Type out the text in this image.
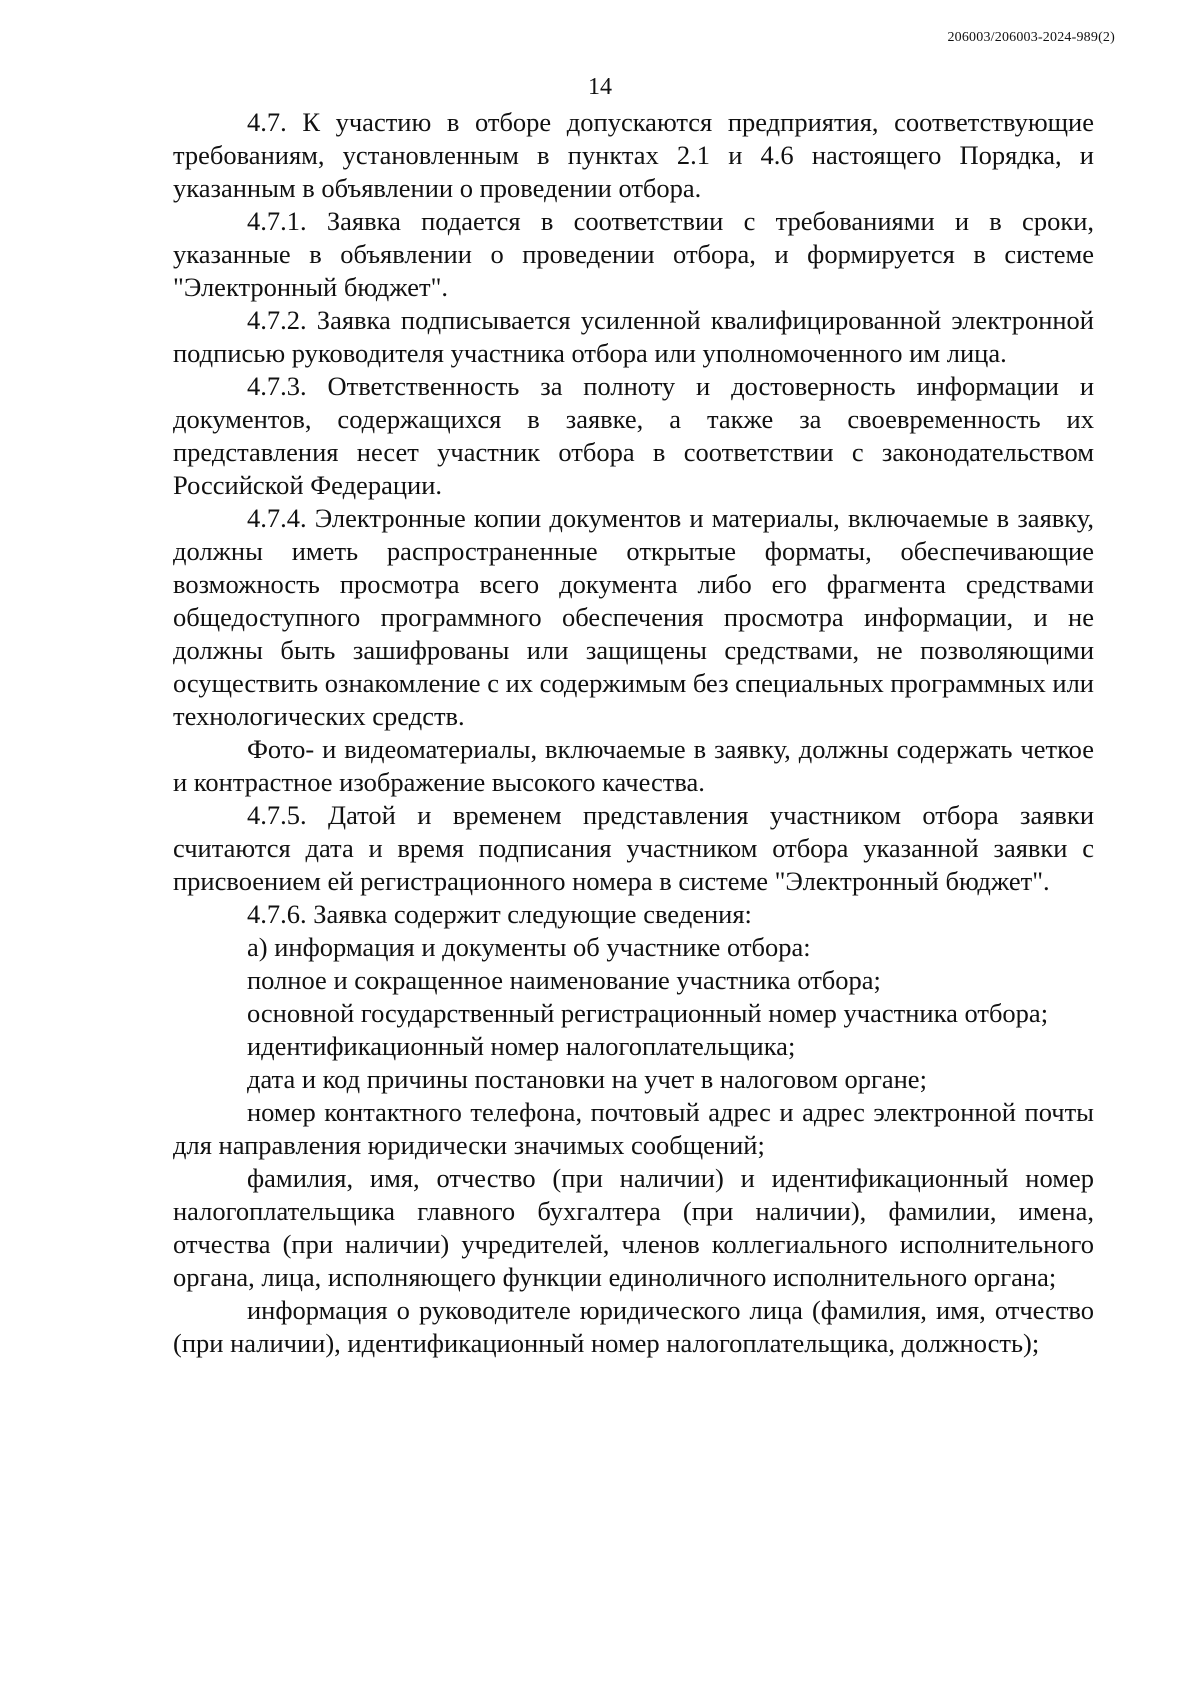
206003/206003-2024-989(2)
14

4.7. К участию в отборе допускаются предприятия, соответствующие требованиям, установленным в пунктах 2.1 и 4.6 настоящего Порядка, и указанным в объявлении о проведении отбора.

4.7.1. Заявка подается в соответствии с требованиями и в сроки, указанные в объявлении о проведении отбора, и формируется в системе "Электронный бюджет".

4.7.2. Заявка подписывается усиленной квалифицированной электронной подписью руководителя участника отбора или уполномоченного им лица.

4.7.3. Ответственность за полноту и достоверность информации и документов, содержащихся в заявке, а также за своевременность их представления несет участник отбора в соответствии с законодательством Российской Федерации.

4.7.4. Электронные копии документов и материалы, включаемые в заявку, должны иметь распространенные открытые форматы, обеспечивающие возможность просмотра всего документа либо его фрагмента средствами общедоступного программного обеспечения просмотра информации, и не должны быть зашифрованы или защищены средствами, не позволяющими осуществить ознакомление с их содержимым без специальных программных или технологических средств.

Фото- и видеоматериалы, включаемые в заявку, должны содержать четкое и контрастное изображение высокого качества.

4.7.5. Датой и временем представления участником отбора заявки считаются дата и время подписания участником отбора указанной заявки с присвоением ей регистрационного номера в системе "Электронный бюджет".

4.7.6. Заявка содержит следующие сведения:

а) информация и документы об участнике отбора:

полное и сокращенное наименование участника отбора;

основной государственный регистрационный номер участника отбора;

идентификационный номер налогоплательщика;

дата и код причины постановки на учет в налоговом органе;

номер контактного телефона, почтовый адрес и адрес электронной почты для направления юридически значимых сообщений;

фамилия, имя, отчество (при наличии) и идентификационный номер налогоплательщика главного бухгалтера (при наличии), фамилии, имена, отчества (при наличии) учредителей, членов коллегиального исполнительного органа, лица, исполняющего функции единоличного исполнительного органа;

информация о руководителе юридического лица (фамилия, имя, отчество (при наличии), идентификационный номер налогоплательщика, должность);
